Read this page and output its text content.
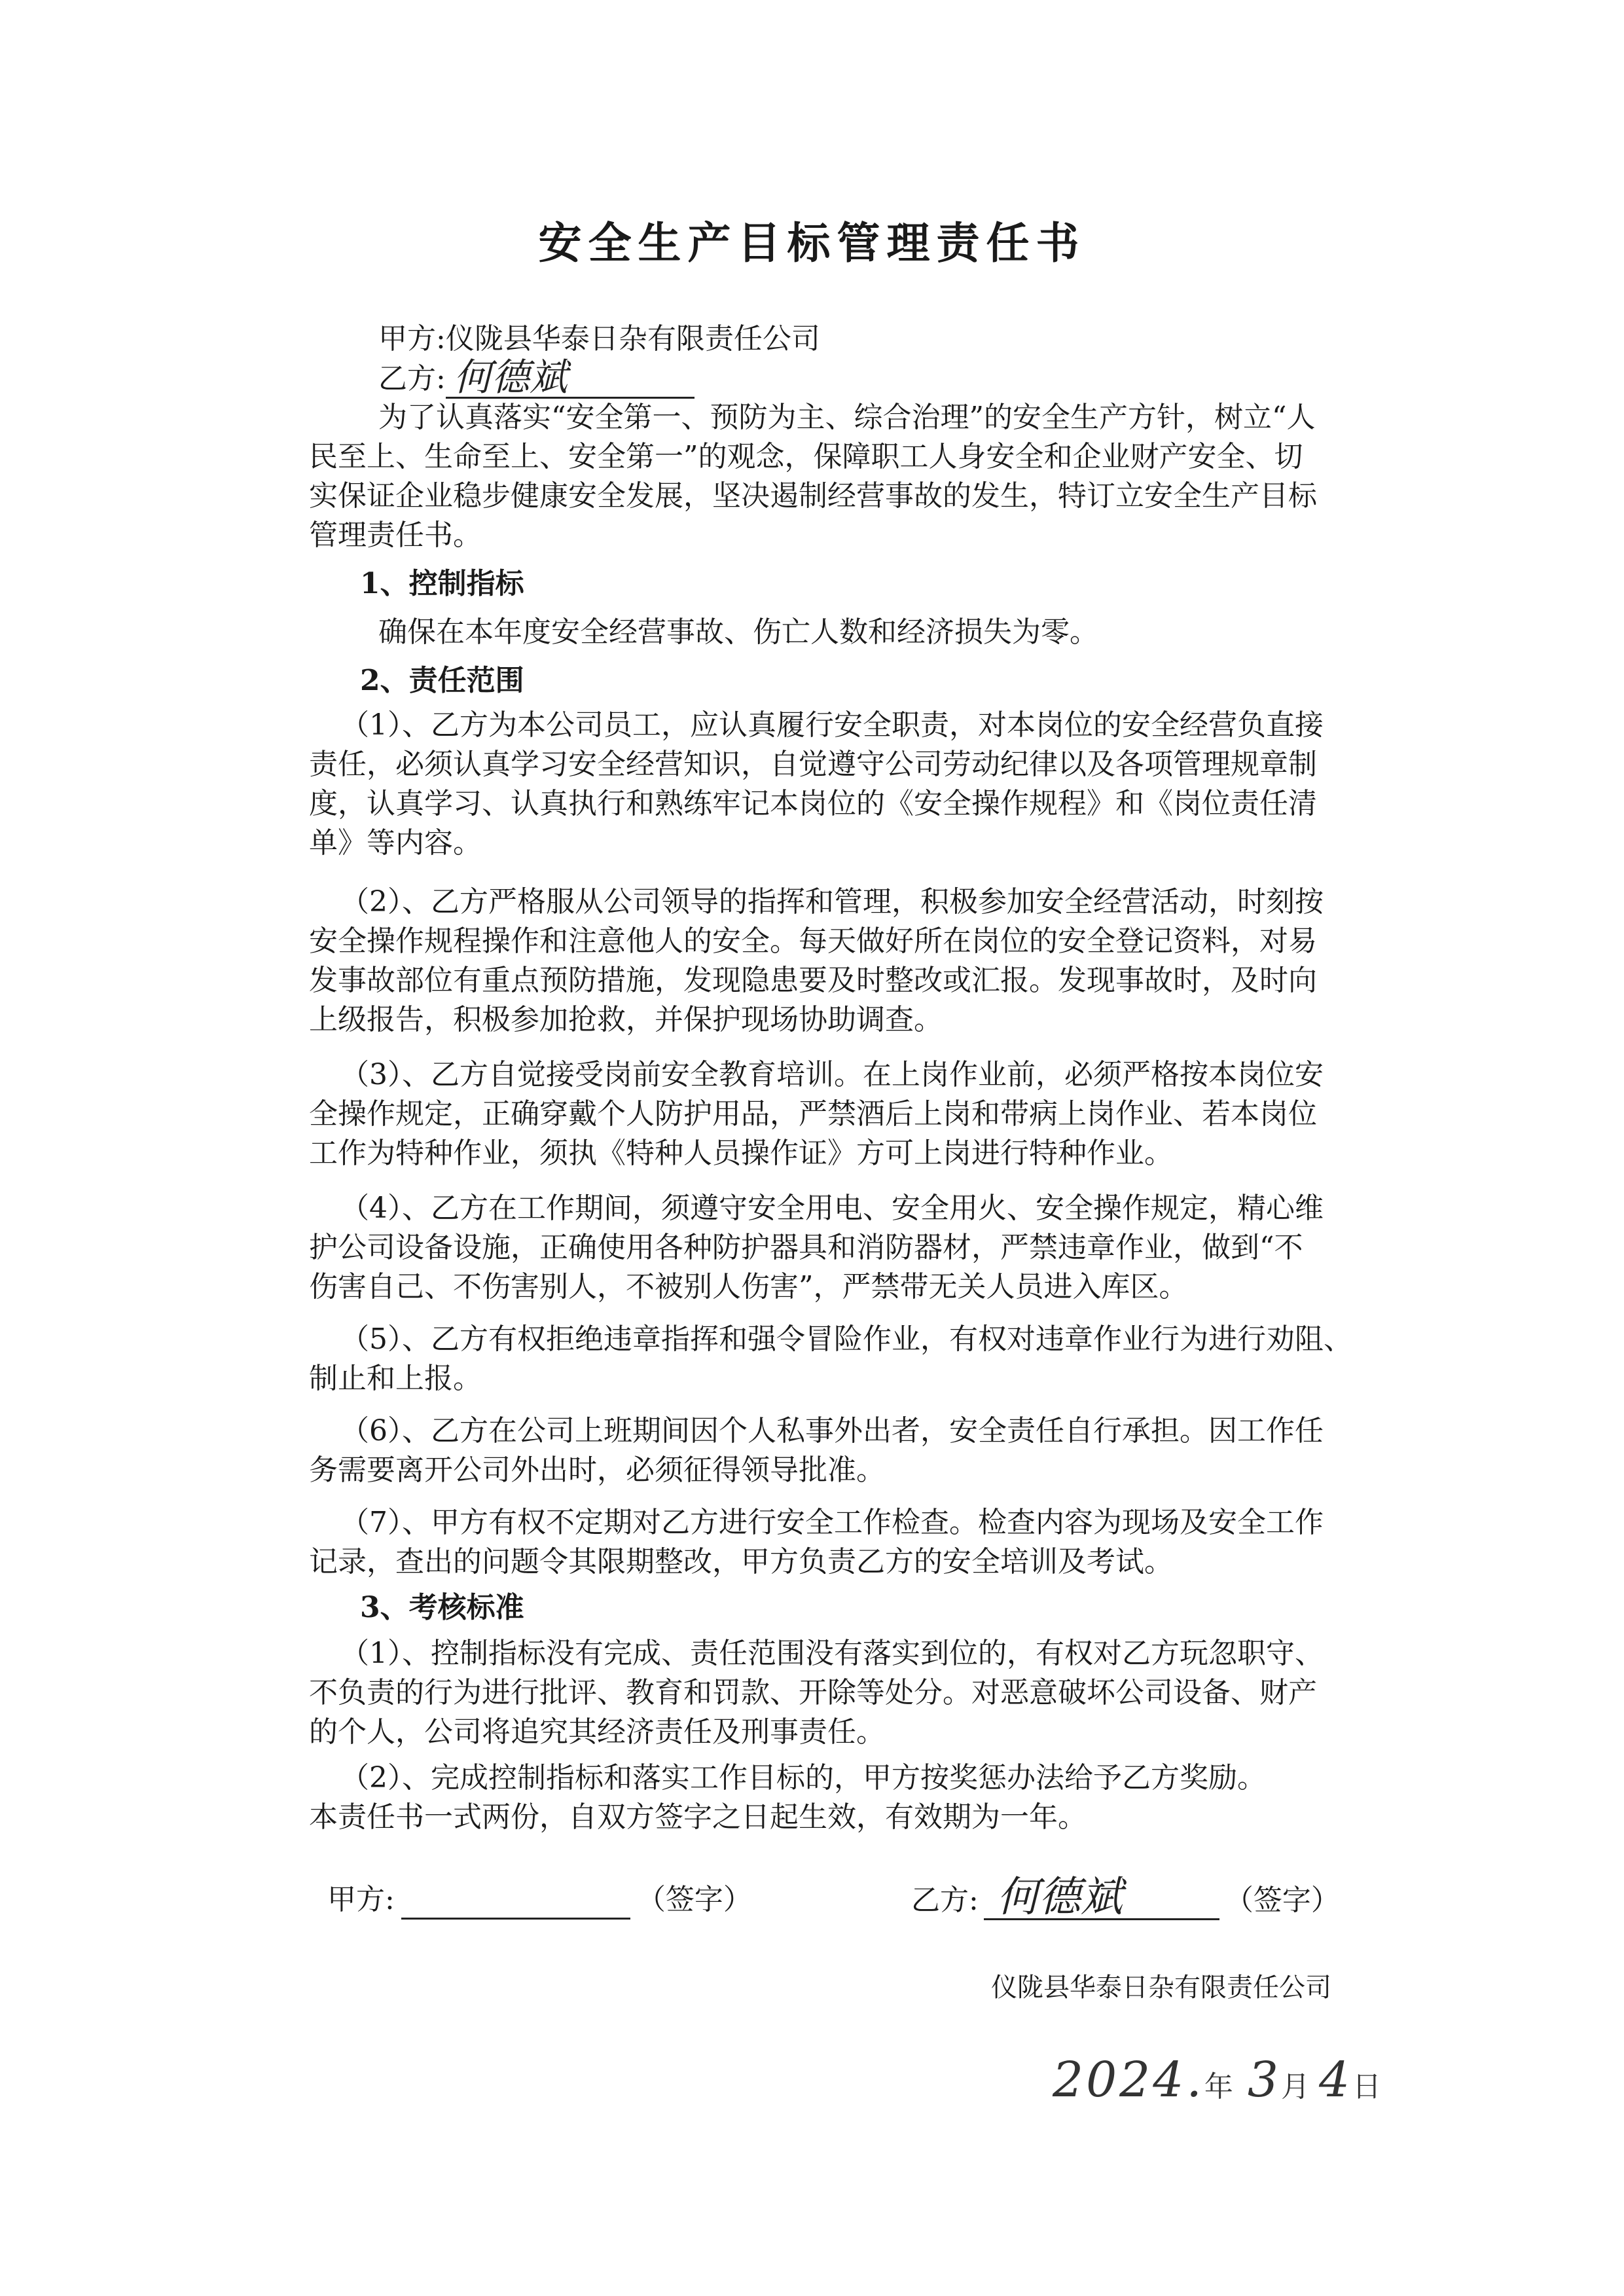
安全生产目标管理责任书
甲方:仪陇县华泰日杂有限责任公司
乙方: 何德斌
为了认真落实“安全第一、预防为主、综合治理”的安全生产方针，树立“人
民至上、生命至上、安全第一”的观念，保障职工人身安全和企业财产安全、切
实保证企业稳步健康安全发展，坚决遏制经营事故的发生，特订立安全生产目标
管理责任书。
1、控制指标
确保在本年度安全经营事故、伤亡人数和经济损失为零。
2、责任范围
（1）、乙方为本公司员工，应认真履行安全职责，对本岗位的安全经营负直接
责任，必须认真学习安全经营知识，自觉遵守公司劳动纪律以及各项管理规章制
度，认真学习、认真执行和熟练牢记本岗位的《安全操作规程》和《岗位责任清
单》等内容。
（2）、乙方严格服从公司领导的指挥和管理，积极参加安全经营活动，时刻按
安全操作规程操作和注意他人的安全。每天做好所在岗位的安全登记资料，对易
发事故部位有重点预防措施，发现隐患要及时整改或汇报。发现事故时，及时向
上级报告，积极参加抢救，并保护现场协助调查。
（3）、乙方自觉接受岗前安全教育培训。在上岗作业前，必须严格按本岗位安
全操作规定，正确穿戴个人防护用品，严禁酒后上岗和带病上岗作业、若本岗位
工作为特种作业，须执《特种人员操作证》方可上岗进行特种作业。
（4）、乙方在工作期间，须遵守安全用电、安全用火、安全操作规定，精心维
护公司设备设施，正确使用各种防护器具和消防器材，严禁违章作业，做到“不
伤害自己、不伤害别人，不被别人伤害”，严禁带无关人员进入库区。
（5）、乙方有权拒绝违章指挥和强令冒险作业，有权对违章作业行为进行劝阻、
制止和上报。
（6）、乙方在公司上班期间因个人私事外出者，安全责任自行承担。因工作任
务需要离开公司外出时，必须征得领导批准。
（7）、甲方有权不定期对乙方进行安全工作检查。检查内容为现场及安全工作
记录，查出的问题令其限期整改，甲方负责乙方的安全培训及考试。
3、考核标准
（1）、控制指标没有完成、责任范围没有落实到位的，有权对乙方玩忽职守、
不负责的行为进行批评、教育和罚款、开除等处分。对恶意破坏公司设备、财产
的个人，公司将追究其经济责任及刑事责任。
（2）、完成控制指标和落实工作目标的，甲方按奖惩办法给予乙方奖励。
本责任书一式两份，自双方签字之日起生效，有效期为一年。
甲方:	（签字）	乙方: 何德斌	（签字）
仪陇县华泰日杂有限责任公司
2024.年 3月 4日
